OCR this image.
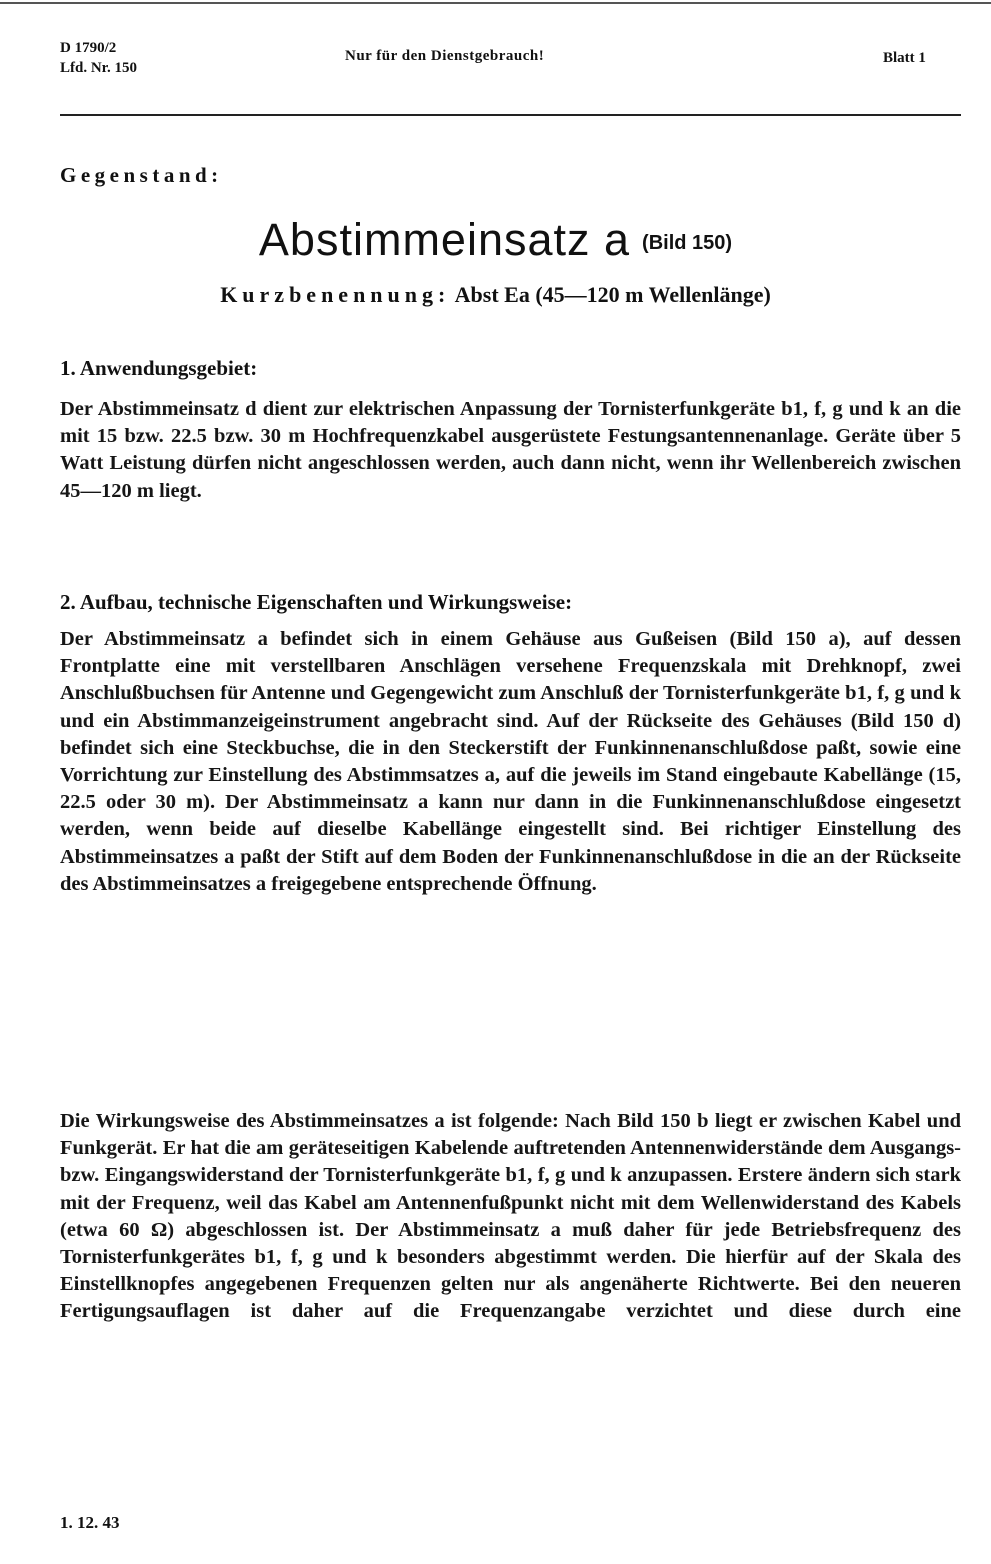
D 1790/2
Lfd. Nr. 150
Nur für den Dienstgebrauch!	Blatt 1
Gegenstand:
Abstimmeinsatz a (Bild 150)
Kurzbenennung: Abst Ea (45—120 m Wellenlänge)
1. Anwendungsgebiet:

Der Abstimmeinsatz d dient zur elektrischen Anpassung der Tornisterfunkgeräte b1, f, g und k an die mit 15 bzw. 22.5 bzw. 30 m Hochfrequenzkabel ausgerüstete Festungsantennenanlage. Geräte über 5 Watt Leistung dürfen nicht angeschlossen werden, auch dann nicht, wenn ihr Wellenbereich zwischen 45—120 m liegt.

2. Aufbau, technische Eigenschaften und Wirkungsweise:

Der Abstimmeinsatz a befindet sich in einem Gehäuse aus Gußeisen (Bild 150 a), auf dessen Frontplatte eine mit verstellbaren Anschlägen versehene Frequenzskala mit Drehknopf, zwei Anschlußbuchsen für Antenne und Gegengewicht zum Anschluß der Tornisterfunkgeräte b1, f, g und k und ein Abstimmanzeigeinstrument angebracht sind. Auf der Rückseite des Gehäuses (Bild 150 d) befindet sich eine Steckbuchse, die in den Steckerstift der Funkinnenanschlußdose paßt, sowie eine Vorrichtung zur Einstellung des Abstimmsatzes a, auf die jeweils im Stand eingebaute Kabellänge (15, 22.5 oder 30 m). Der Abstimmeinsatz a kann nur dann in die Funkinnenanschlußdose eingesetzt werden, wenn beide auf dieselbe Kabellänge eingestellt sind. Bei richtiger Einstellung des Abstimmeinsatzes a paßt der Stift auf dem Boden der Funkinnenanschlußdose in die an der Rückseite des Abstimmeinsatzes a freigegebene entsprechende Öffnung.

Die Wirkungsweise des Abstimmeinsatzes a ist folgende: Nach Bild 150 b liegt er zwischen Kabel und Funkgerät. Er hat die am geräteseitigen Kabelende auftretenden Antennenwiderstände dem Ausgangs- bzw. Eingangswiderstand der Tornisterfunkgeräte b1, f, g und k anzupassen. Erstere ändern sich stark mit der Frequenz, weil das Kabel am Antennenfußpunkt nicht mit dem Wellenwiderstand des Kabels (etwa 60 Ω) abgeschlossen ist. Der Abstimmeinsatz a muß daher für jede Betriebsfrequenz des Tornisterfunkgerätes b1, f, g und k besonders abgestimmt werden. Die hierfür auf der Skala des Einstellknopfes angegebenen Frequenzen gelten nur als angenäherte Richtwerte. Bei den neueren Fertigungsauflagen ist daher auf die Frequenzangabe verzichtet und diese durch eine

1. 12. 43
